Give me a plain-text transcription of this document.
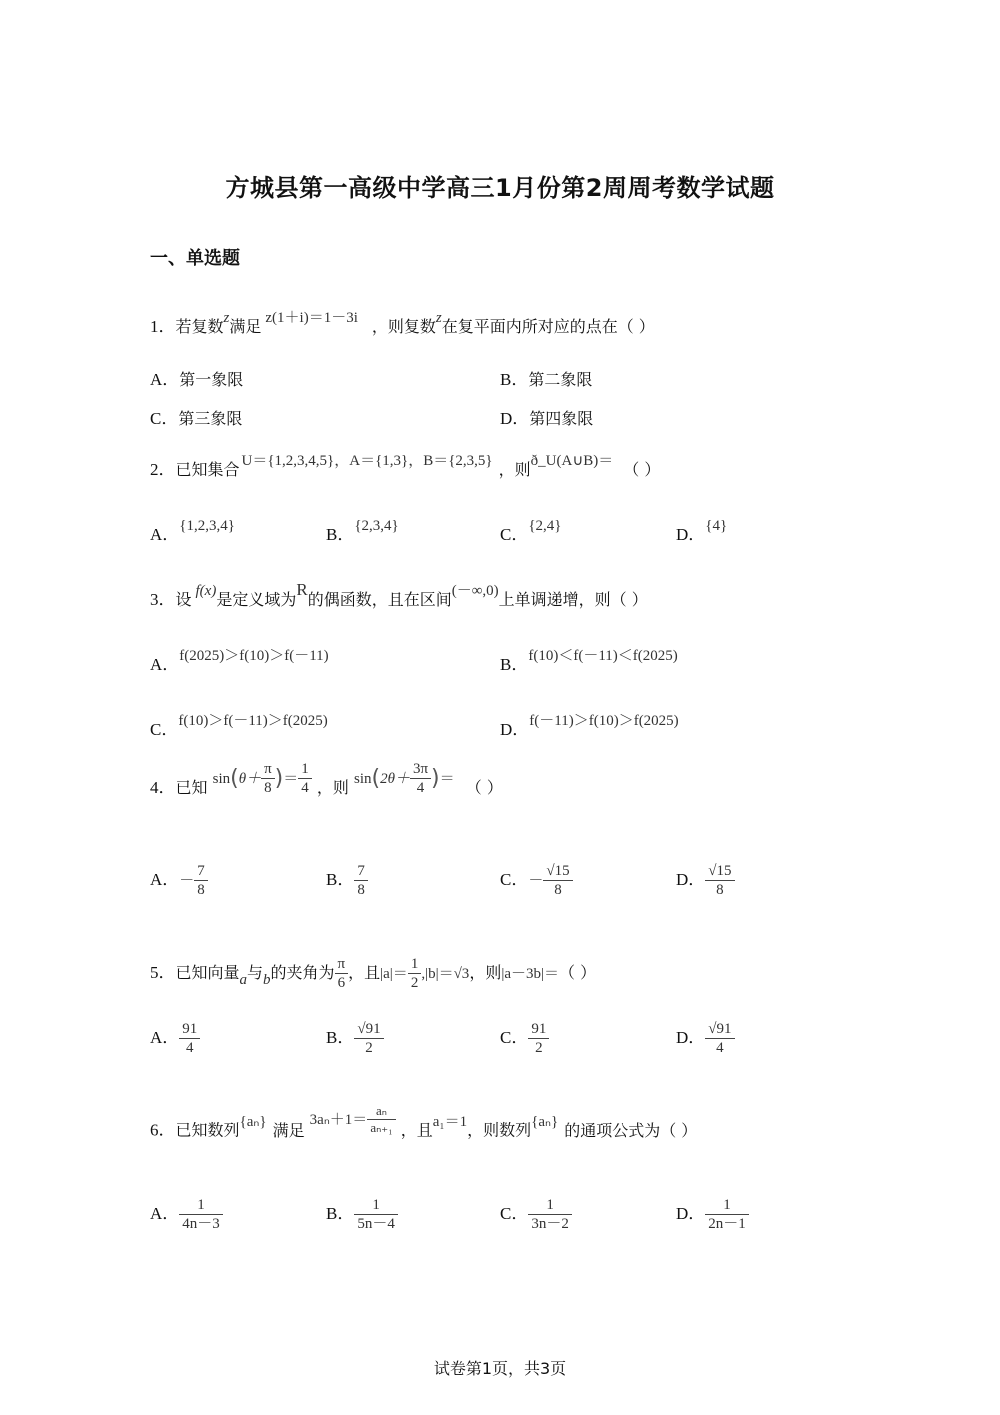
方城县第一高级中学高三1月份第2周周考数学试题
一、单选题
1．若复数z满足 z(1＋i)＝1－3i ，则复数z在复平面内所对应的点在（ ）
A．第一象限	B．第二象限
C．第三象限	D．第四象限
2．已知集合 U＝{1,2,3,4,5}，A＝{1,3}，B＝{2,3,5} ，则ð_U(A∪B)＝ （ ）
A．{1,2,3,4}	B．{2,3,4}	C．{2,4}	D．{4}
3．设 f(x)是定义域为R的偶函数，且在区间(－∞,0)上单调递增，则（ ）
A．f(2025)＞f(10)＞f(－11)	B．f(10)＜f(－11)＜f(2025)
C．f(10)＞f(－11)＞f(2025)	D．f(－11)＞f(10)＞f(2025)
4．已知 $\sin(\theta+ \frac{\pi}{8}$ )＝ $\frac{1}{4}$ ，则 $\sin(2\theta+ \frac{3\pi}{4}$ )＝ （ ）
A．－ $\frac{7}{8}$	B． $\frac{7}{8}$	C．－ $\frac{√15}{8}$	D． $\frac{√15}{8}$
5．已知向量a与b的夹角为 $\frac{\pi}{6}$ ，且$|a|= \frac{1}{2} ,|b|=√3$，则|a－3b|＝（ ）
A． $\frac{91}{4}$	B． $\frac{√91}{2}$	C． $\frac{91}{2}$	D． $\frac{√91}{4}$
6．已知数列{aₙ} 满足 $3a_n+1= \frac{\text{aₙ}}{\text{aₙ₊₁}}$ ，且a₁＝1，则数列{aₙ} 的通项公式为（ ）
A． $\frac{1}{4n-3}$	B． $\frac{1}{5n-4}$	C． $\frac{1}{3n-2}$	D． $\frac{1}{2n-1}$
试卷第1页，共3页
